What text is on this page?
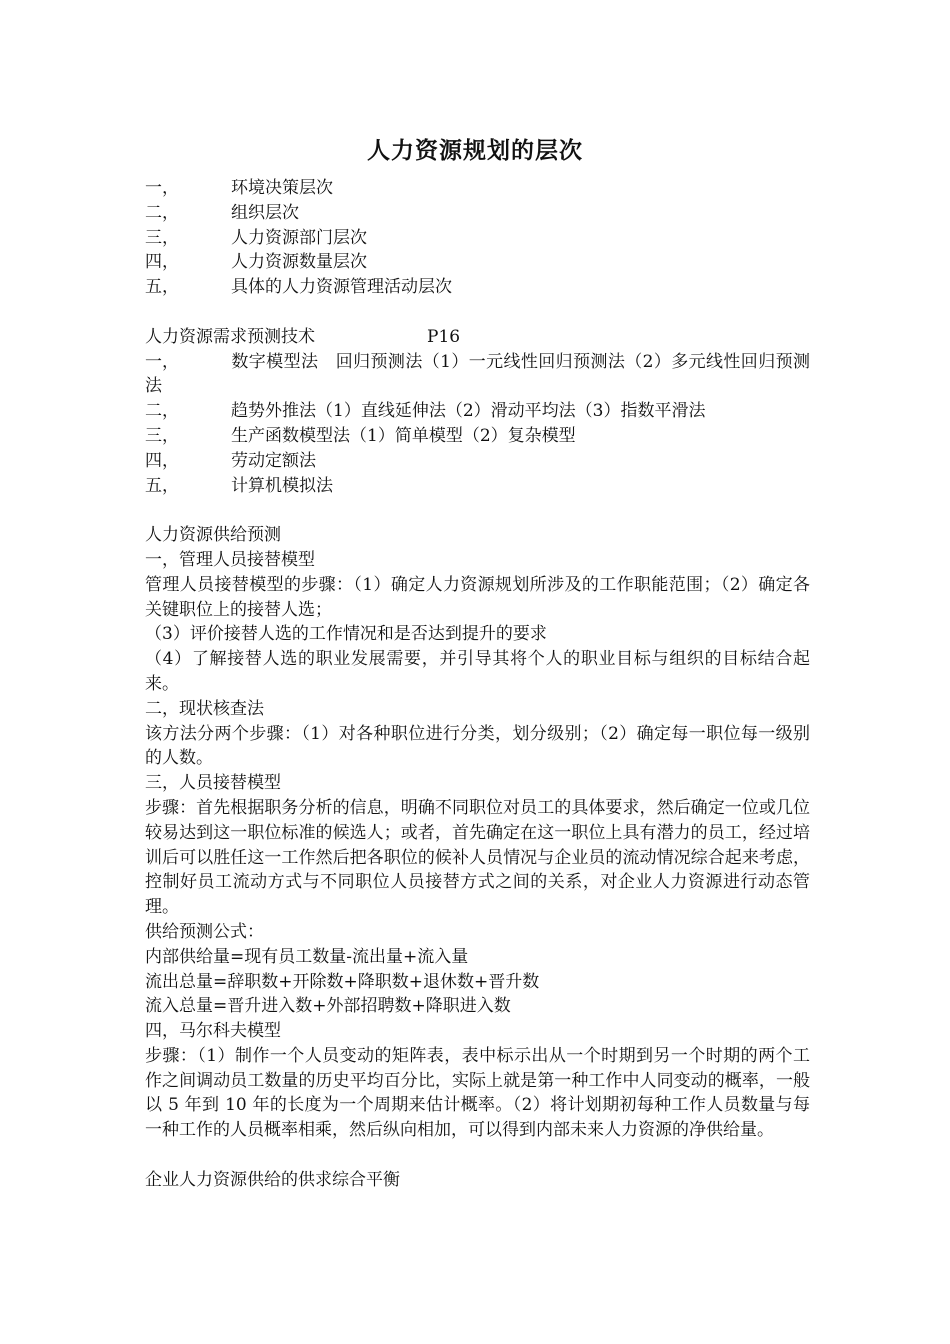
人力资源规划的层次
一，	环境决策层次
二，	组织层次
三，	人力资源部门层次
四，	人力资源数量层次
五，	具体的人力资源管理活动层次
人力资源需求预测技术	P16
一，	数字模型法　回归预测法（1）一元线性回归预测法（2）多元线性回归预测法
二，	趋势外推法（1）直线延伸法（2）滑动平均法（3）指数平滑法
三，	生产函数模型法（1）简单模型（2）复杂模型
四，	劳动定额法
五，	计算机模拟法
人力资源供给预测
一，管理人员接替模型
管理人员接替模型的步骤：（1）确定人力资源规划所涉及的工作职能范围；（2）确定各关键职位上的接替人选；
（3）评价接替人选的工作情况和是否达到提升的要求
（4）了解接替人选的职业发展需要，并引导其将个人的职业目标与组织的目标结合起来。
二，现状核查法
该方法分两个步骤：（1）对各种职位进行分类，划分级别；（2）确定每一职位每一级别的人数。
三，人员接替模型
步骤：首先根据职务分析的信息，明确不同职位对员工的具体要求，然后确定一位或几位较易达到这一职位标准的候选人；或者，首先确定在这一职位上具有潜力的员工，经过培训后可以胜任这一工作然后把各职位的候补人员情况与企业员的流动情况综合起来考虑，控制好员工流动方式与不同职位人员接替方式之间的关系，对企业人力资源进行动态管理。
供给预测公式：
内部供给量=现有员工数量-流出量+流入量
流出总量=辞职数+开除数+降职数+退休数+晋升数
流入总量=晋升进入数+外部招聘数+降职进入数
四，马尔科夫模型
步骤：（1）制作一个人员变动的矩阵表，表中标示出从一个时期到另一个时期的两个工作之间调动员工数量的历史平均百分比，实际上就是第一种工作中人同变动的概率，一般以 5 年到 10 年的长度为一个周期来估计概率。（2）将计划期初每种工作人员数量与每一种工作的人员概率相乘，然后纵向相加，可以得到内部未来人力资源的净供给量。
企业人力资源供给的供求综合平衡
